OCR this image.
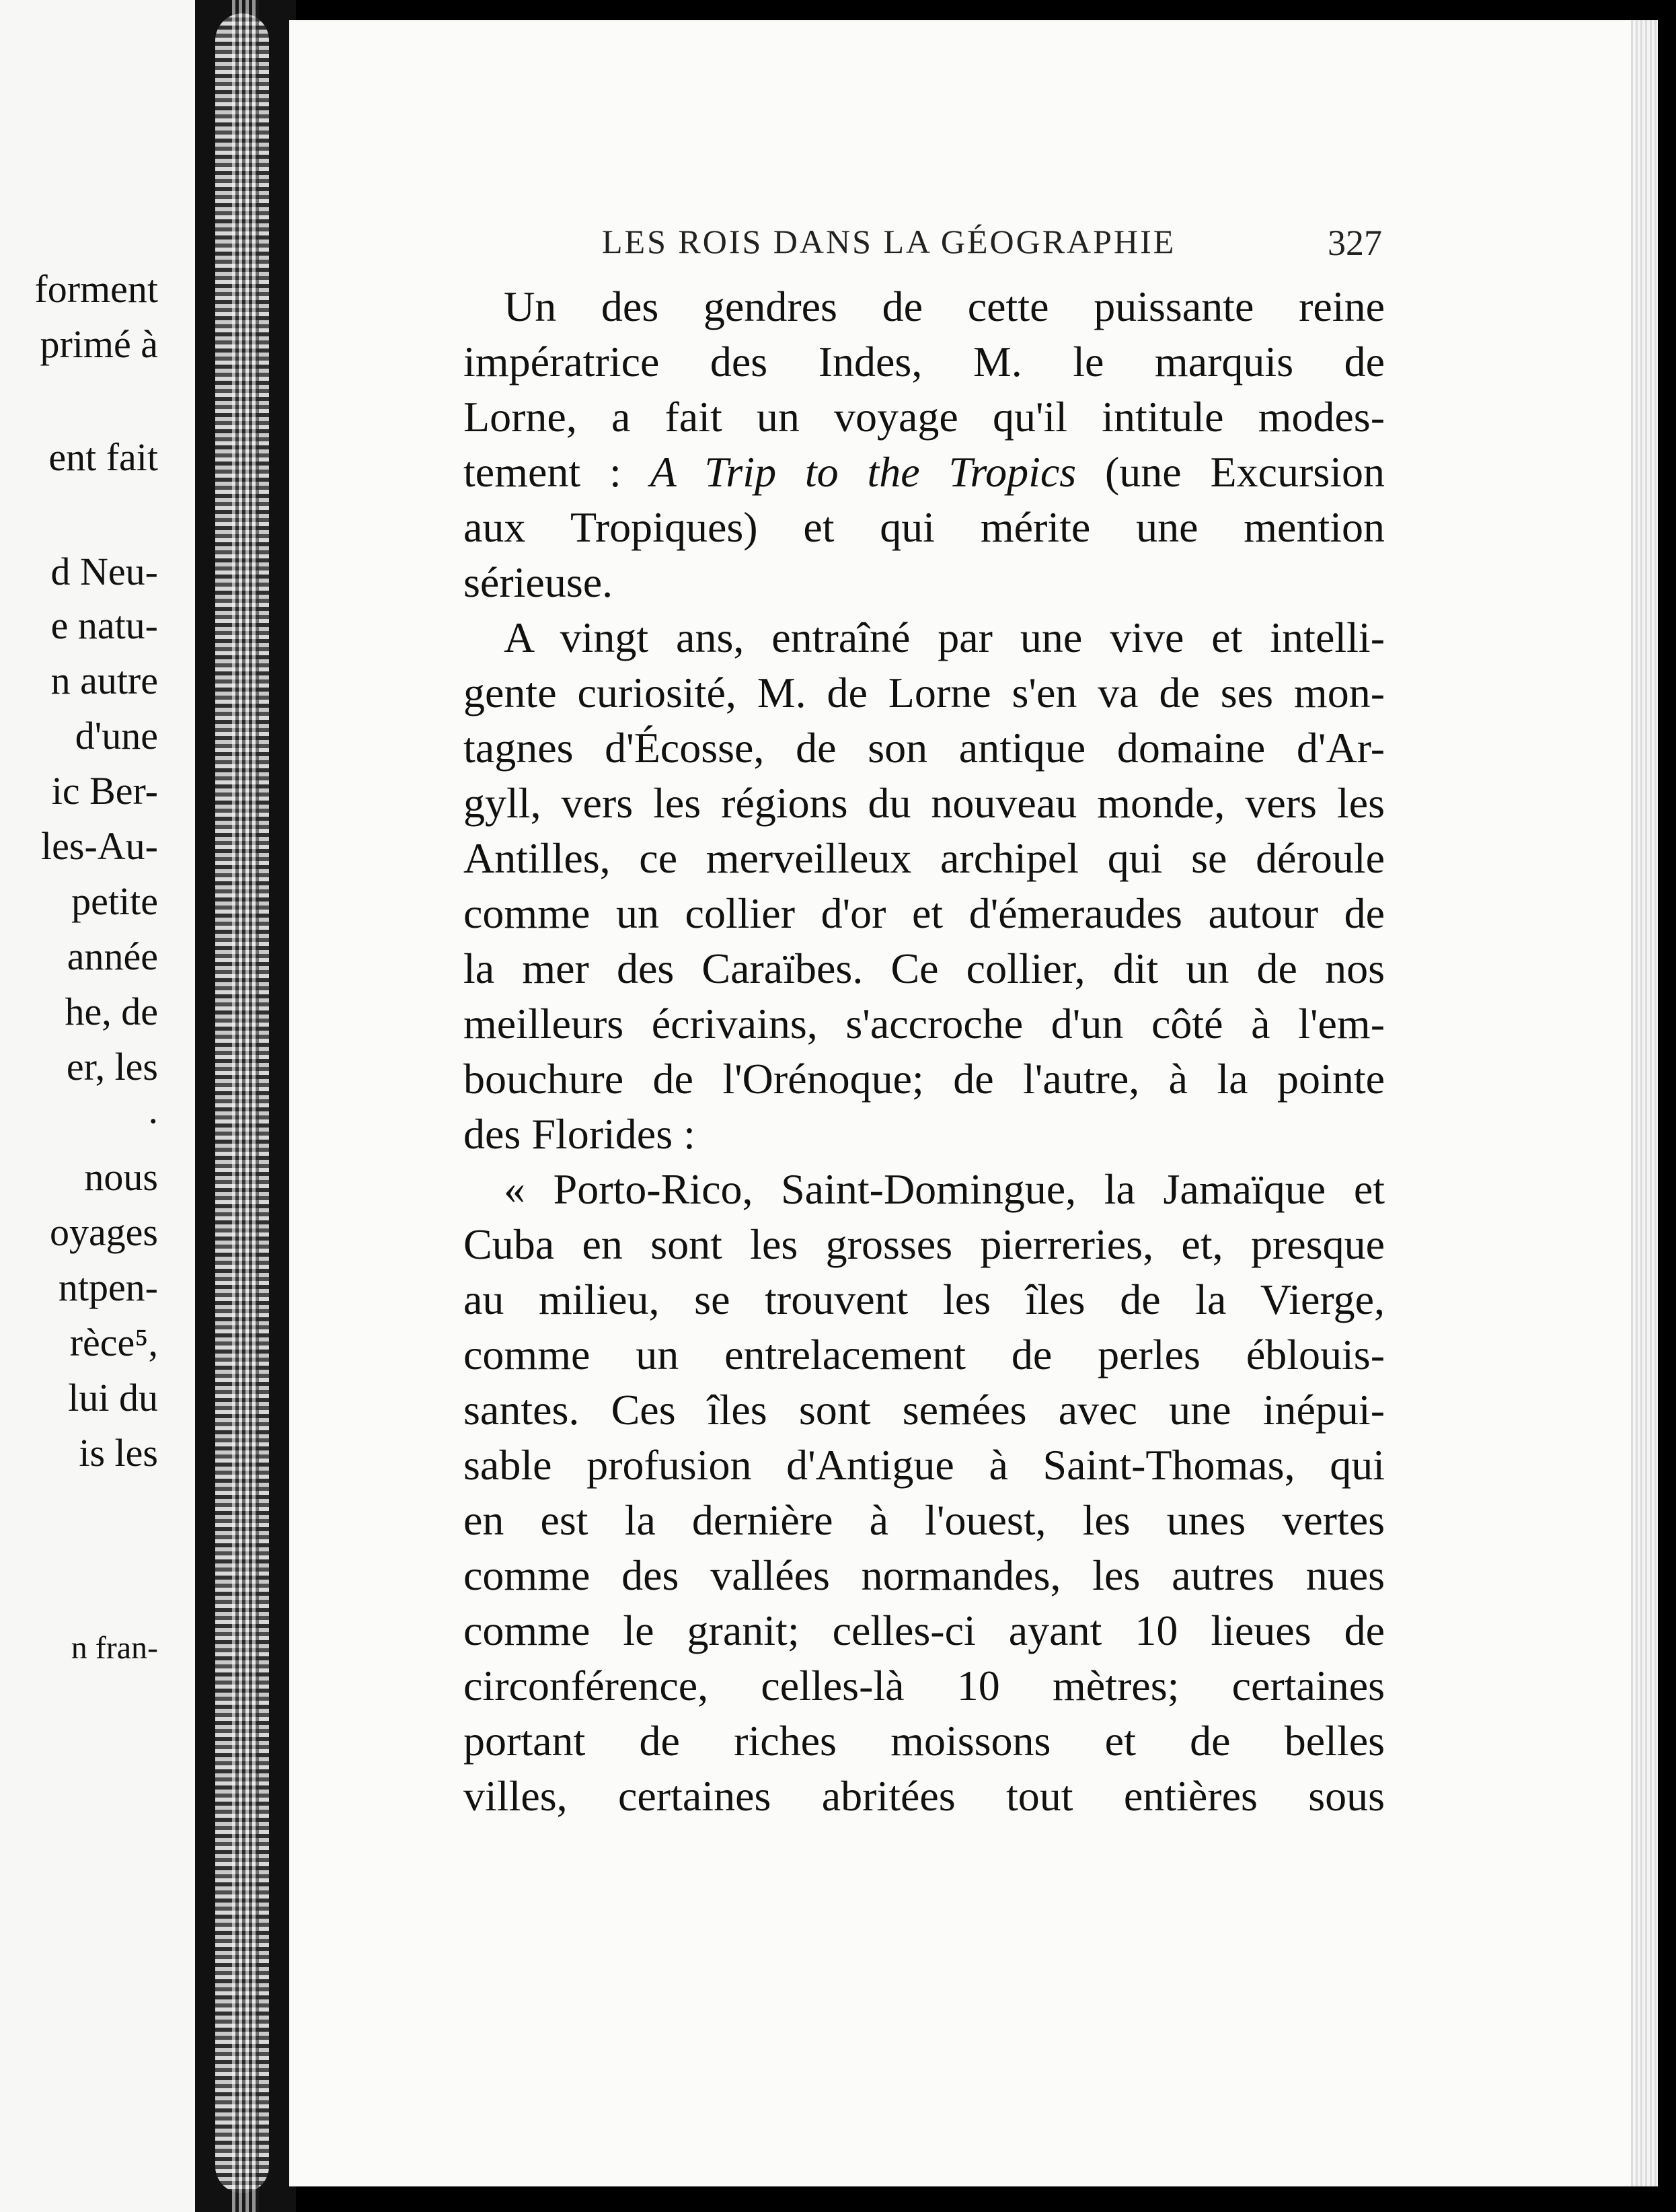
forment

primé à

ent fait

d Neu-

e natu-

n autre

d'une

ic Ber-

les-Au-

petite

année

he, de

er, les

.

nous

oyages

ntpen-

rèce⁵,

lui du

is les

n fran-

LES ROIS DANS LA GÉOGRAPHIE	327
Un des gendres de cette puissante reine
impératrice des Indes, M. le marquis de
Lorne, a fait un voyage qu'il intitule modes-
tement : A Trip to the Tropics (une Excursion
aux Tropiques) et qui mérite une mention
sérieuse.
A vingt ans, entraîné par une vive et intelli-
gente curiosité, M. de Lorne s'en va de ses mon-
tagnes d'Écosse, de son antique domaine d'Ar-
gyll, vers les régions du nouveau monde, vers les
Antilles, ce merveilleux archipel qui se déroule
comme un collier d'or et d'émeraudes autour de
la mer des Caraïbes. Ce collier, dit un de nos
meilleurs écrivains, s'accroche d'un côté à l'em-
bouchure de l'Orénoque; de l'autre, à la pointe
des Florides :
« Porto-Rico, Saint-Domingue, la Jamaïque et
Cuba en sont les grosses pierreries, et, presque
au milieu, se trouvent les îles de la Vierge,
comme un entrelacement de perles éblouis-
santes. Ces îles sont semées avec une inépui-
sable profusion d'Antigue à Saint-Thomas, qui
en est la dernière à l'ouest, les unes vertes
comme des vallées normandes, les autres nues
comme le granit; celles-ci ayant 10 lieues de
circonférence, celles-là 10 mètres; certaines
portant de riches moissons et de belles
villes, certaines abritées tout entières sous
